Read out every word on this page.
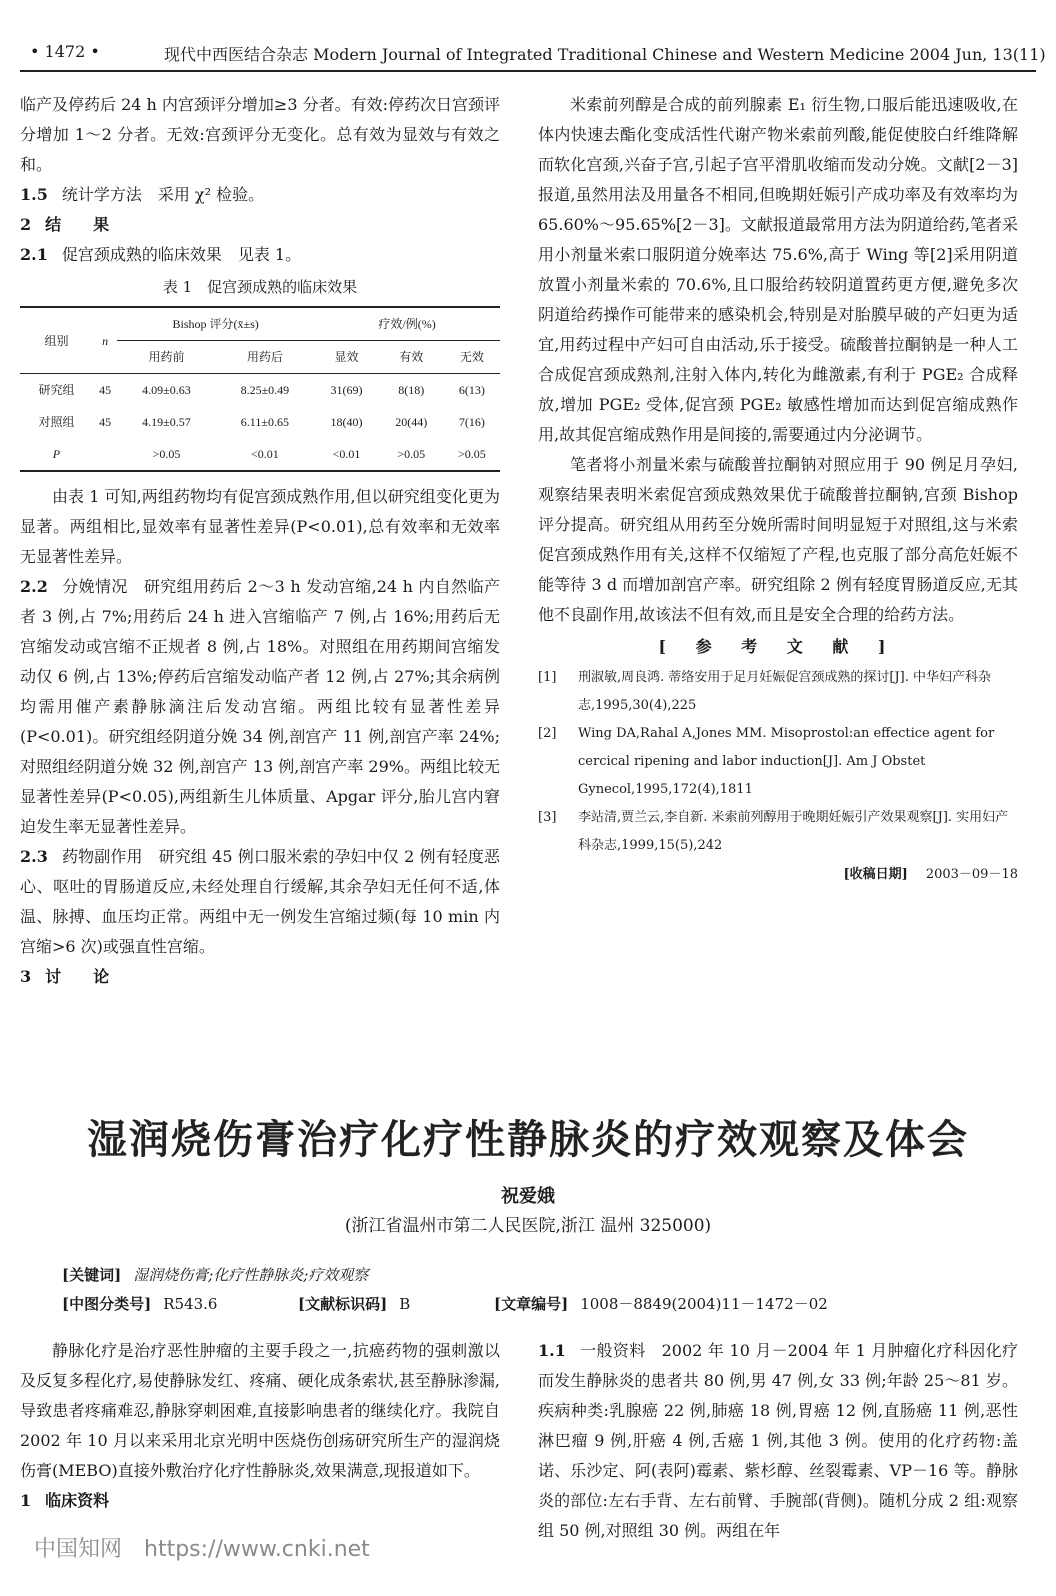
• 1472 •	现代中西医结合杂志 Modern Journal of Integrated Traditional Chinese and Western Medicine 2004 Jun, 13(11)

临产及停药后 24 h 内宫颈评分增加≥3 分者。有效:停药次日宫颈评分增加 1～2 分者。无效:宫颈评分无变化。总有效为显效与有效之和。

1.5 统计学方法　采用 χ² 检验。

2 结　　果

2.1 促宫颈成熟的临床效果　见表 1。

表 1　促宫颈成熟的临床效果
组别	n	Bishop 评分(x̄±s)		疗效/例(%)		
		用药前	用药后	显效	有效	无效
研究组	45	4.09±0.63	8.25±0.49	31(69)	8(18)	6(13)
对照组	45	4.19±0.57	6.11±0.65	18(40)	20(44)	7(16)
P		>0.05	<0.01	<0.01	>0.05	>0.05

由表 1 可知,两组药物均有促宫颈成熟作用,但以研究组变化更为显著。两组相比,显效率有显著性差异(P<0.01),总有效率和无效率无显著性差异。

2.2 分娩情况 研究组用药后 2～3 h 发动宫缩,24 h 内自然临产者 3 例,占 7%;用药后 24 h 进入宫缩临产 7 例,占 16%;用药后无宫缩发动或宫缩不正规者 8 例,占 18%。对照组在用药期间宫缩发动仅 6 例,占 13%;停药后宫缩发动临产者 12 例,占 27%;其余病例均需用催产素静脉滴注后发动宫缩。两组比较有显著性差异(P<0.01)。研究组经阴道分娩 34 例,剖宫产 11 例,剖宫产率 24%;对照组经阴道分娩 32 例,剖宫产 13 例,剖宫产率 29%。两组比较无显著性差异(P<0.05),两组新生儿体质量、Apgar 评分,胎儿宫内窘迫发生率无显著性差异。

2.3 药物副作用 研究组 45 例口服米索的孕妇中仅 2 例有轻度恶心、呕吐的胃肠道反应,未经处理自行缓解,其余孕妇无任何不适,体温、脉搏、血压均正常。两组中无一例发生宫缩过频(每 10 min 内宫缩>6 次)或强直性宫缩。

3 讨　　论

米索前列醇是合成的前列腺素 E₁ 衍生物,口服后能迅速吸收,在体内快速去酯化变成活性代谢产物米索前列酸,能促使胶白纤维降解而软化宫颈,兴奋子宫,引起子宫平滑肌收缩而发动分娩。文献[2－3]报道,虽然用法及用量各不相同,但晚期妊娠引产成功率及有效率均为 65.60%～95.65%[2－3]。文献报道最常用方法为阴道给药,笔者采用小剂量米索口服阴道分娩率达 75.6%,高于 Wing 等[2]采用阴道放置小剂量米索的 70.6%,且口服给药较阴道置药更方便,避免多次阴道给药操作可能带来的感染机会,特别是对胎膜早破的产妇更为适宜,用药过程中产妇可自由活动,乐于接受。硫酸普拉酮钠是一种人工合成促宫颈成熟剂,注射入体内,转化为雌激素,有利于 PGE₂ 合成释放,增加 PGE₂ 受体,促宫颈 PGE₂ 敏感性增加而达到促宫缩成熟作用,故其促宫缩成熟作用是间接的,需要通过内分泌调节。

笔者将小剂量米索与硫酸普拉酮钠对照应用于 90 例足月孕妇,观察结果表明米索促宫颈成熟效果优于硫酸普拉酮钠,宫颈 Bishop 评分提高。研究组从用药至分娩所需时间明显短于对照组,这与米索促宫颈成熟作用有关,这样不仅缩短了产程,也克服了部分高危妊娠不能等待 3 d 而增加剖宫产率。研究组除 2 例有轻度胃肠道反应,无其他不良副作用,故该法不但有效,而且是安全合理的给药方法。

[ 参 考 文 献 ]
[1]	刑淑敏,周良鸿. 蒂络安用于足月妊娠促宫颈成熟的探讨[J]. 中华妇产科杂志,1995,30(4),225
[2]	Wing DA,Rahal A,Jones MM. Misoprostol:an effectice agent for cercical ripening and labor induction[J]. Am J Obstet Gynecol,1995,172(4),1811
[3]	李站清,贾兰云,李自新. 米索前列醇用于晚期妊娠引产效果观察[J]. 实用妇产科杂志,1999,15(5),242
[收稿日期] 2003－09－18
湿润烧伤膏治疗化疗性静脉炎的疗效观察及体会
祝爱娥
(浙江省温州市第二人民医院,浙江 温州 325000)
[关键词] 湿润烧伤膏;化疗性静脉炎;疗效观察
[中图分类号] R543.6	[文献标识码] B	[文章编号] 1008－8849(2004)11－1472－02

静脉化疗是治疗恶性肿瘤的主要手段之一,抗癌药物的强刺激以及反复多程化疗,易使静脉发红、疼痛、硬化成条索状,甚至静脉渗漏,导致患者疼痛难忍,静脉穿刺困难,直接影响患者的继续化疗。我院自 2002 年 10 月以来采用北京光明中医烧伤创疡研究所生产的湿润烧伤膏(MEBO)直接外敷治疗化疗性静脉炎,效果满意,现报道如下。

1 临床资料

1.1 一般资料 2002 年 10 月－2004 年 1 月肿瘤化疗科因化疗而发生静脉炎的患者共 80 例,男 47 例,女 33 例;年龄 25～81 岁。疾病种类:乳腺癌 22 例,肺癌 18 例,胃癌 12 例,直肠癌 11 例,恶性淋巴瘤 9 例,肝癌 4 例,舌癌 1 例,其他 3 例。使用的化疗药物:盖诺、乐沙定、阿(表阿)霉素、紫杉醇、丝裂霉素、VP－16 等。静脉炎的部位:左右手背、左右前臂、手腕部(背侧)。随机分成 2 组:观察组 50 例,对照组 30 例。两组在年

中国知网　https://www.cnki.net
